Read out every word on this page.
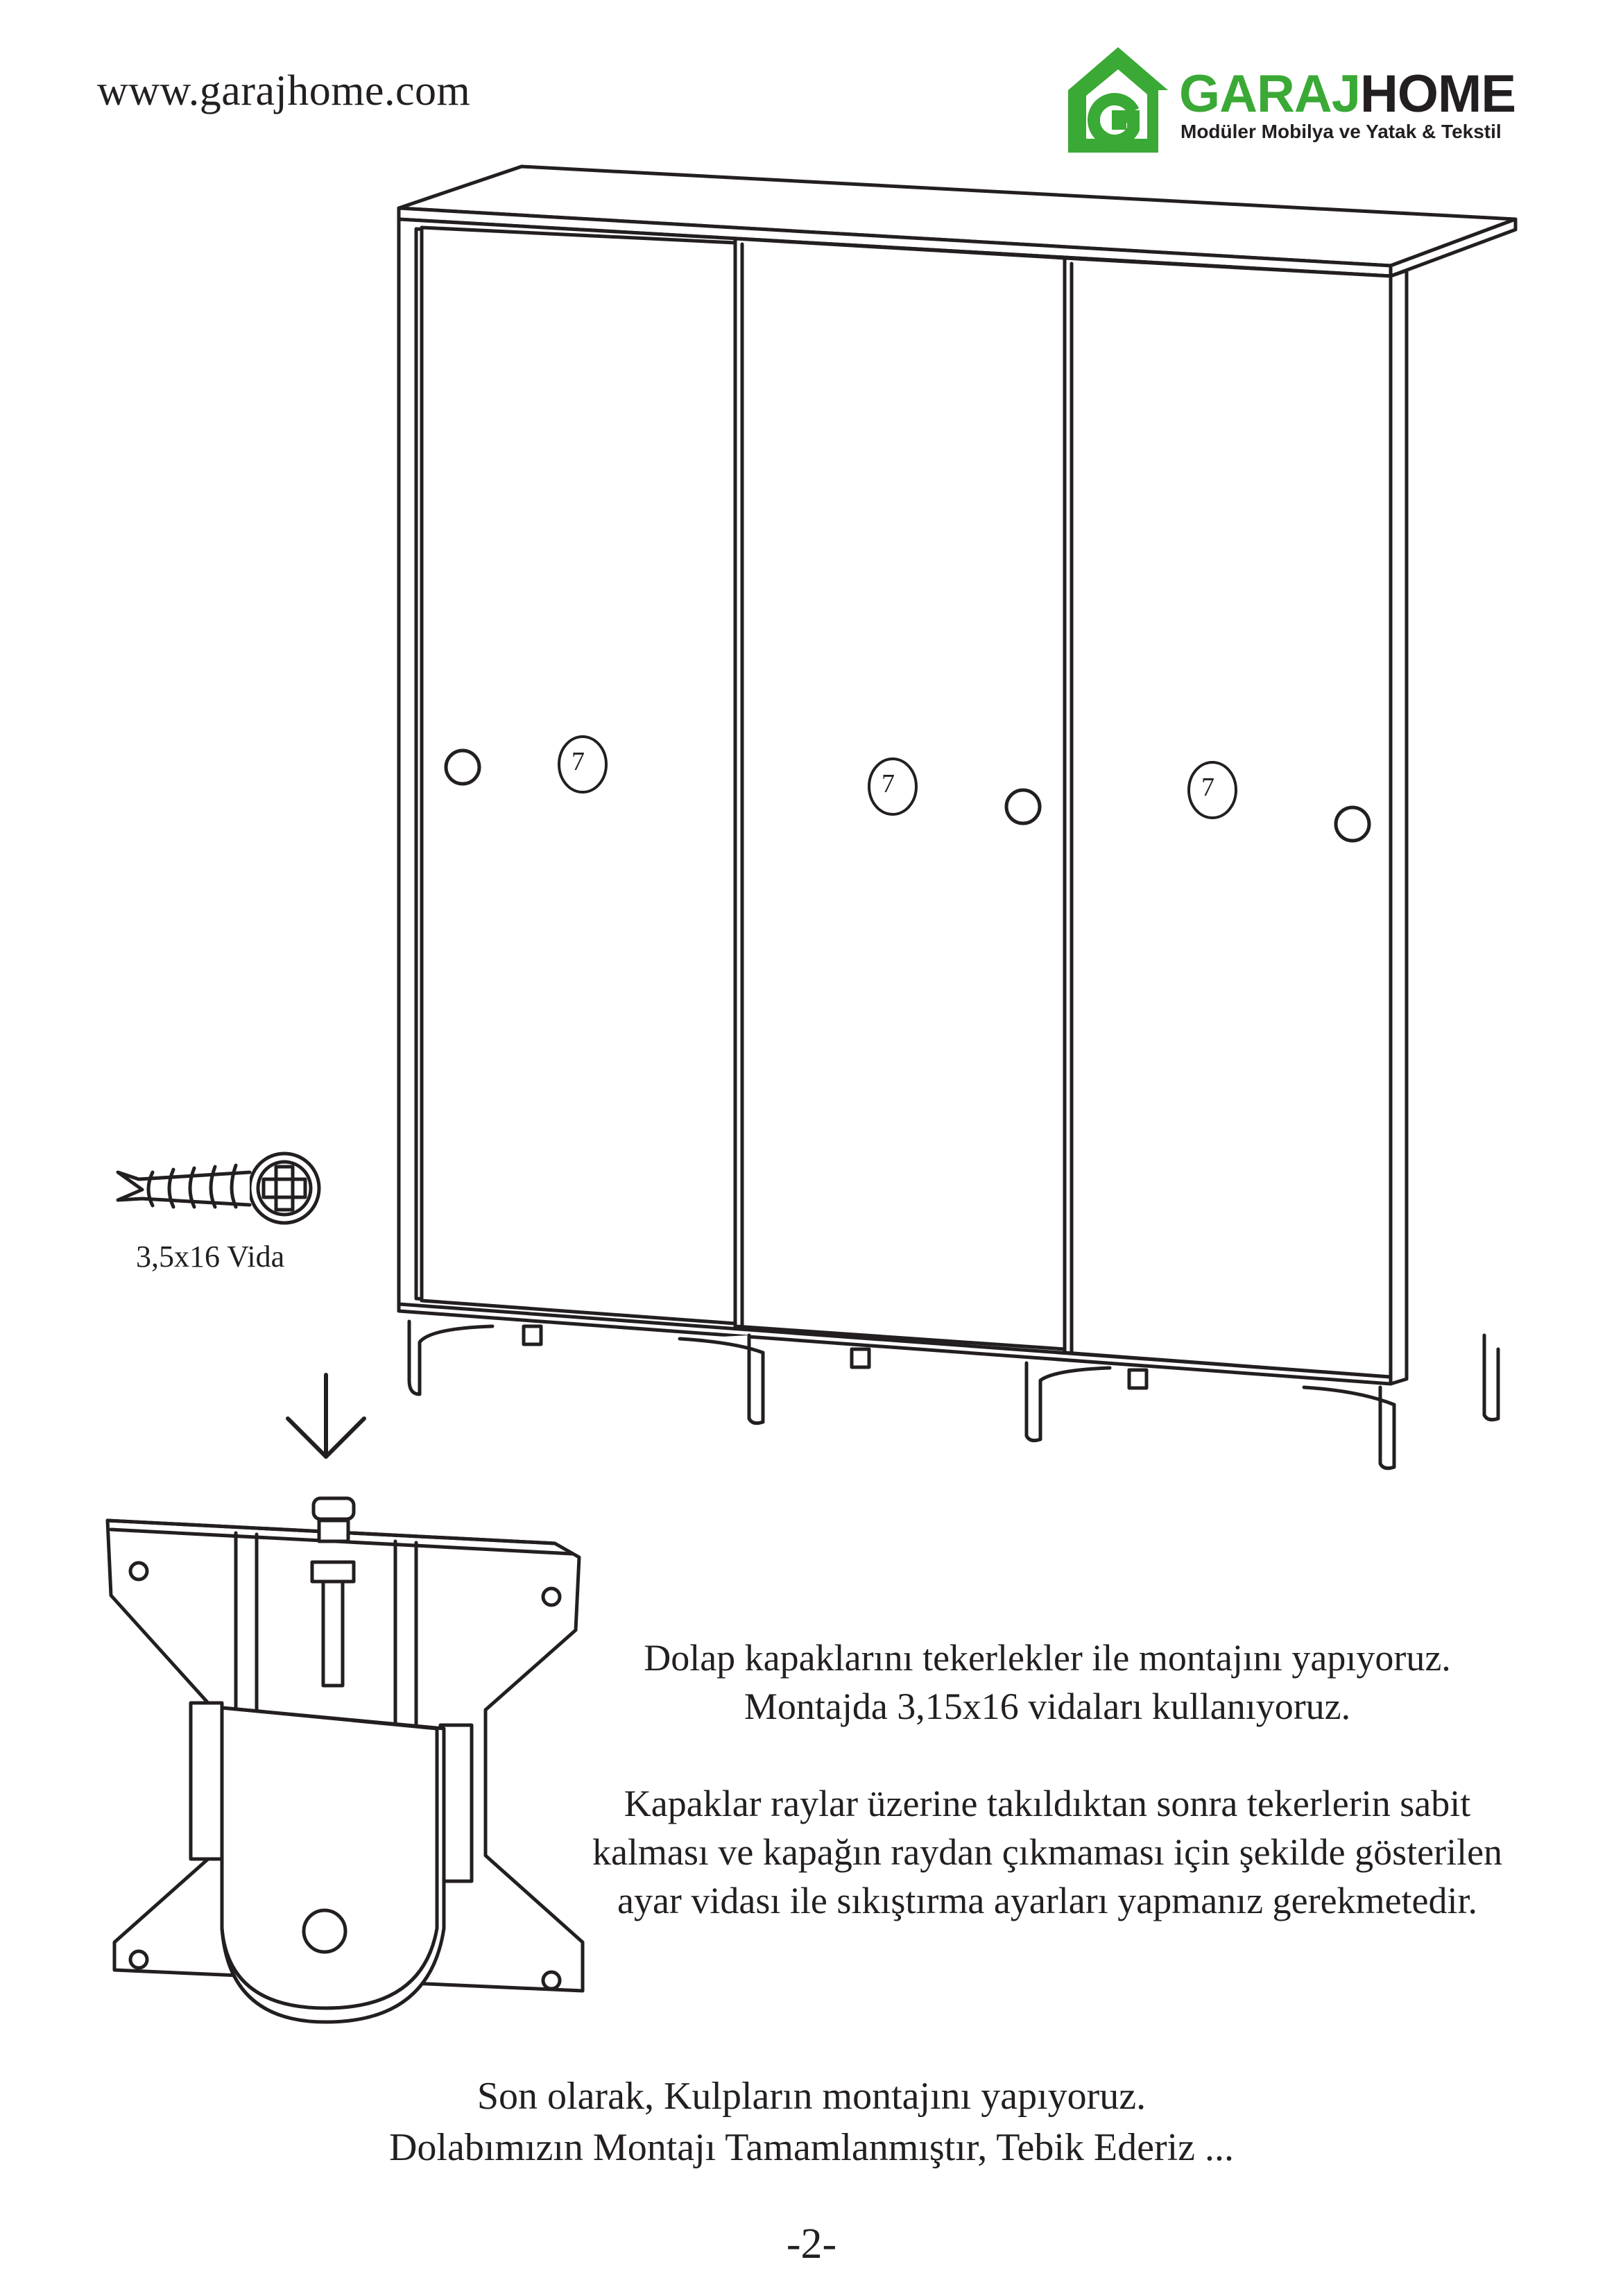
www.garajhome.com	GARAJHOME
Modüler Mobilya ve Yatak & Tekstil
7
7	7
3,5x16 Vida

Dolap kapaklarını tekerlekler ile montajını yapıyoruz.

Montajda 3,15x16 vidaları kullanıyoruz.

Kapaklar raylar üzerine takıldıktan sonra tekerlerin sabit

kalması ve kapağın raydan çıkmaması için şekilde gösterilen

ayar vidası ile sıkıştırma ayarları yapmanız gerekmetedir.

Son olarak, Kulpların montajını yapıyoruz.

Dolabımızın Montajı Tamamlanmıştır, Tebik Ederiz ...

-2-
